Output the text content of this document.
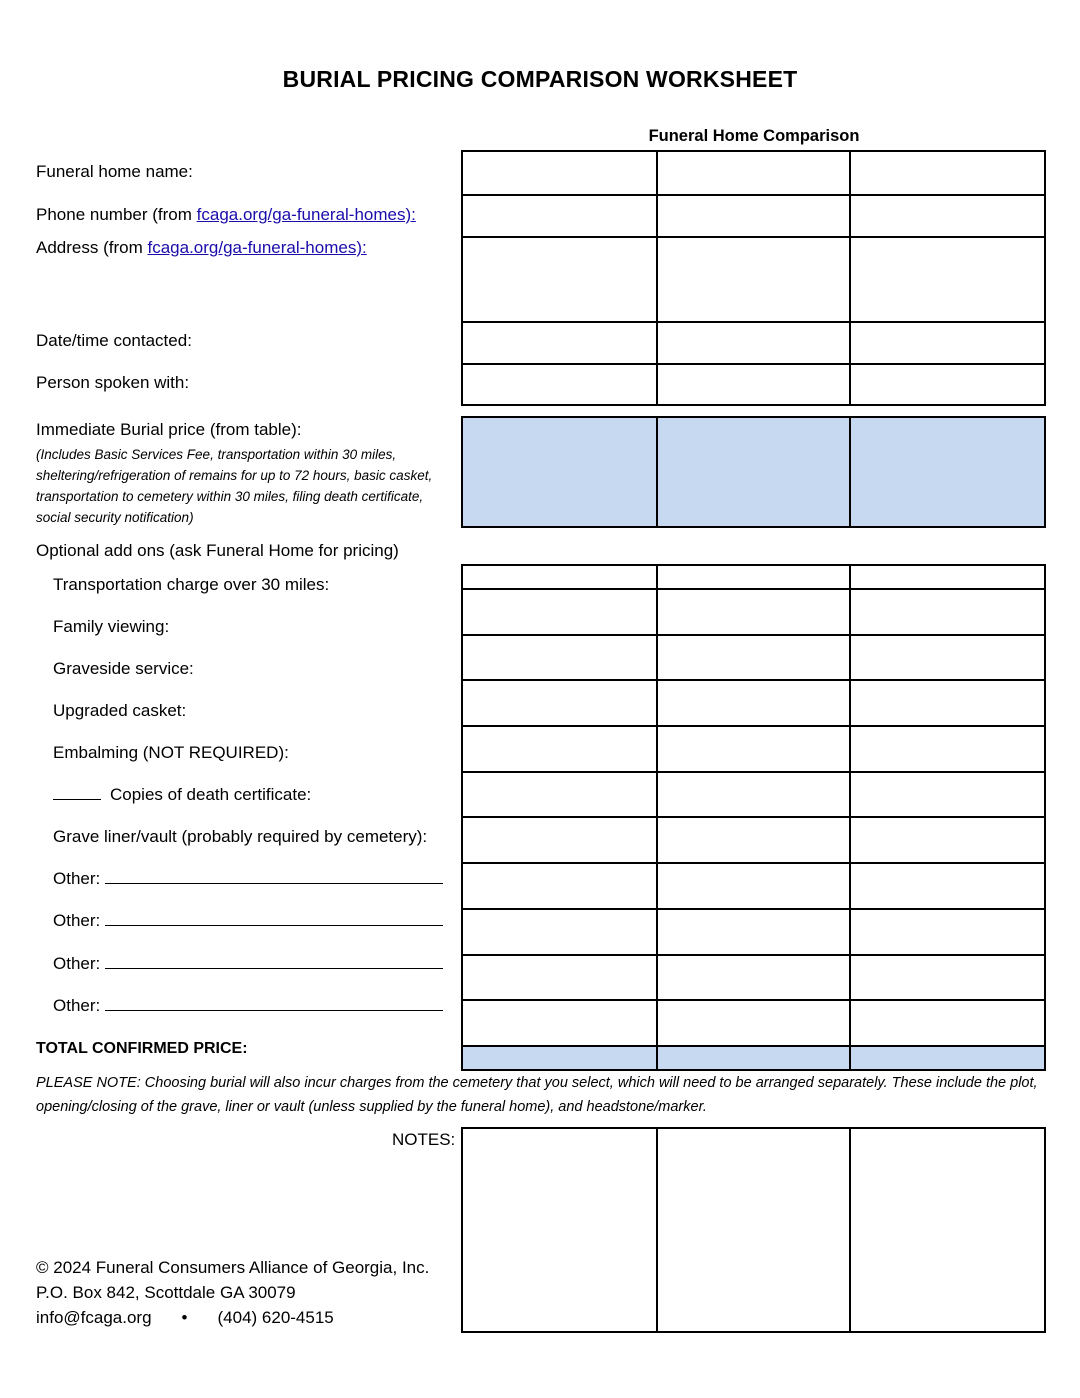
BURIAL PRICING COMPARISON WORKSHEET
Funeral Home Comparison
Funeral home name:
Phone number (from fcaga.org/ga-funeral-homes):
Address (from fcaga.org/ga-funeral-homes):
Date/time contacted:
Person spoken with:
Immediate Burial price (from table):
(Includes Basic Services Fee, transportation within 30 miles, sheltering/refrigeration of remains for up to 72 hours, basic casket, transportation to cemetery within 30 miles, filing death certificate, social security notification)
Optional add ons (ask Funeral Home for pricing)
Transportation charge over 30 miles:
Family viewing:
Graveside service:
Upgraded casket:
Embalming (NOT REQUIRED):
Copies of death certificate:
Grave liner/vault (probably required by cemetery):
Other:
Other:
Other:
Other:
TOTAL CONFIRMED PRICE:
PLEASE NOTE: Choosing burial will also incur charges from the cemetery that you select, which will need to be arranged separately. These include the plot, opening/closing of the grave, liner or vault (unless supplied by the funeral home), and headstone/marker.
NOTES:

© 2024 Funeral Consumers Alliance of Georgia, Inc.
P.O. Box 842, Scottdale GA 30079
info@fcaga.org • (404) 620-4515
